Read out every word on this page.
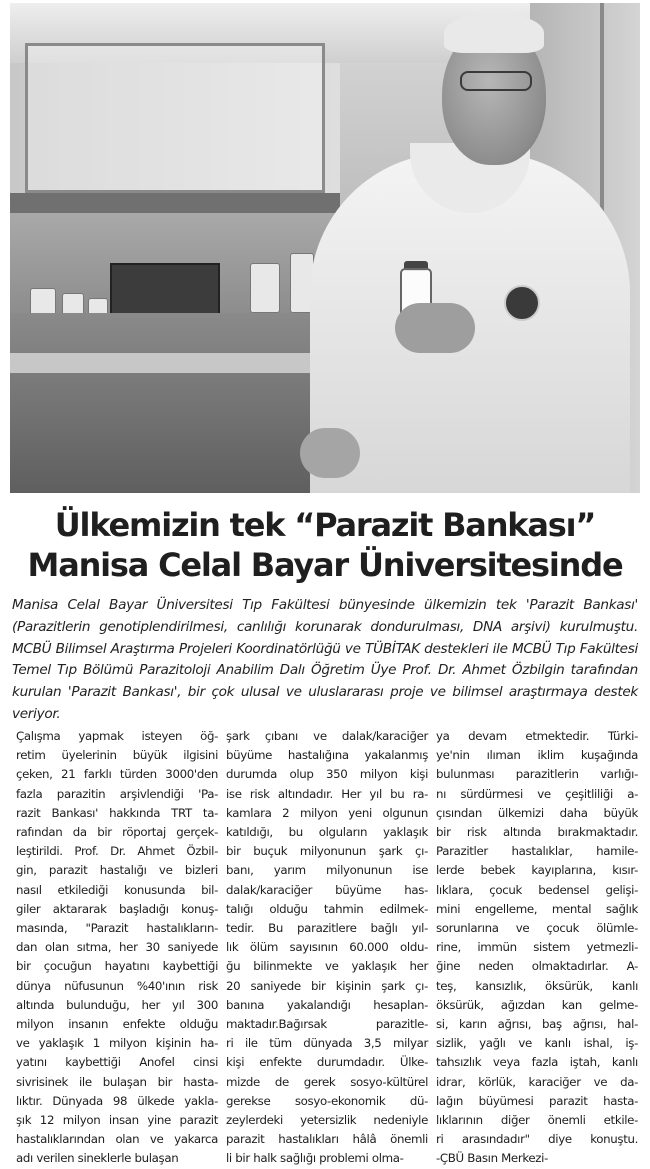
Ülkemizin tek “Parazit Bankası”
Manisa Celal Bayar Üniversitesinde

Manisa Celal Bayar Üniversitesi Tıp Fakültesi bünyesinde ülkemizin tek 'Parazit Bankası' (Parazitlerin genotiplendirilmesi, canlılığı korunarak dondurulması, DNA arşivi) kurulmuştu. MCBÜ Bilimsel Araştırma Projeleri Koordinatörlüğü ve TÜBİTAK destekleri ile MCBÜ Tıp Fakültesi Temel Tıp Bölümü Parazitoloji Anabilim Dalı Öğretim Üye Prof. Dr. Ahmet Özbilgin tarafından kurulan 'Parazit Bankası', bir çok ulusal ve uluslararası proje ve bilimsel araştırmaya destek veriyor.

Çalışma yapmak isteyen öğ-
retim üyelerinin büyük ilgisini
çeken, 21 farklı türden 3000'den
fazla parazitin arşivlendiği 'Pa-
razit Bankası' hakkında TRT ta-
rafından da bir röportaj gerçek-
leştirildi. Prof. Dr. Ahmet Özbil-
gin, parazit hastalığı ve bizleri
nasıl etkilediği konusunda bil-
giler aktararak başladığı konuş-
masında, "Parazit hastalıkların-
dan olan sıtma, her 30 saniyede
bir çocuğun hayatını kaybettiği
dünya nüfusunun %40'ının risk
altında bulunduğu, her yıl 300
milyon insanın enfekte olduğu
ve yaklaşık 1 milyon kişinin ha-
yatını kaybettiği Anofel cinsi
sivrisinek ile bulaşan bir hasta-
lıktır. Dünyada 98 ülkede yakla-
şık 12 milyon insan yine parazit
hastalıklarından olan ve yakarca
adı verilen sineklerle bulaşan
şark çıbanı ve dalak/karaciğer
büyüme hastalığına yakalanmış
durumda olup 350 milyon kişi
ise risk altındadır. Her yıl bu ra-
kamlara 2 milyon yeni olgunun
katıldığı, bu olguların yaklaşık
bir buçuk milyonunun şark çı-
banı, yarım milyonunun ise
dalak/karaciğer büyüme has-
talığı olduğu tahmin edilmek-
tedir. Bu parazitlere bağlı yıl-
lık ölüm sayısının 60.000 oldu-
ğu bilinmekte ve yaklaşık her
20 saniyede bir kişinin şark çı-
banına yakalandığı hesaplan-
maktadır.Bağırsak parazitle-
ri ile tüm dünyada 3,5 milyar
kişi enfekte durumdadır. Ülke-
mizde de gerek sosyo-kültürel
gerekse sosyo-ekonomik dü-
zeylerdeki yetersizlik nedeniyle
parazit hastalıkları hâlâ önemli
li bir halk sağlığı problemi olma-
ya devam etmektedir. Türki-
ye'nin ılıman iklim kuşağında
bulunması parazitlerin varlığı-
nı sürdürmesi ve çeşitliliği a-
çısından ülkemizi daha büyük
bir risk altında bırakmaktadır.
Parazitler hastalıklar, hamile-
lerde bebek kayıplarına, kısır-
lıklara, çocuk bedensel gelişi-
mini engelleme, mental sağlık
sorunlarına ve çocuk ölümle-
rine, immün sistem yetmezli-
ğine neden olmaktadırlar. A-
teş, kansızlık, öksürük, kanlı
öksürük, ağızdan kan gelme-
si, karın ağrısı, baş ağrısı, hal-
sizlik, yağlı ve kanlı ishal, iş-
tahsızlık veya fazla iştah, kanlı
idrar, körlük, karaciğer ve da-
lağın büyümesi parazit hasta-
lıklarının diğer önemli etkile-
ri arasındadır" diye konuştu.
-ÇBÜ Basın Merkezi-
